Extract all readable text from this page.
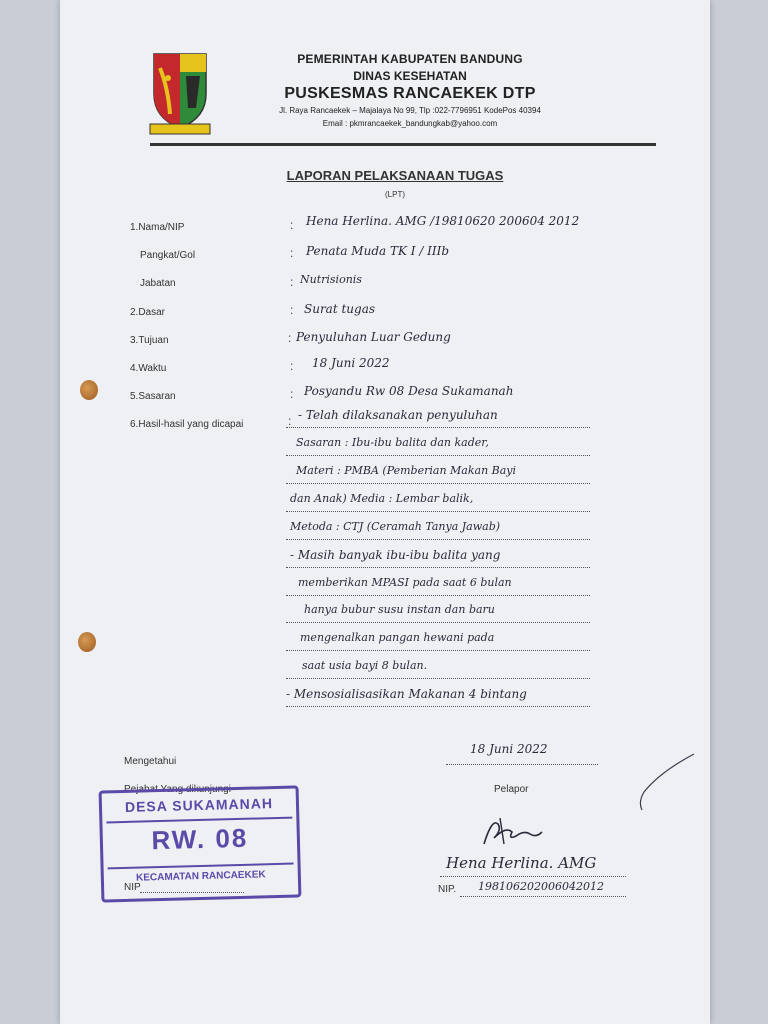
PEMERINTAH KABUPATEN BANDUNG
DINAS KESEHATAN
PUSKESMAS RANCAEKEK DTP
Jl. Raya Rancaekek – Majalaya No 99, Tlp :022-7796951 KodePos 40394
Email : pkmrancaekek_bandungkab@yahoo.com
LAPORAN PELAKSANAAN TUGAS
(LPT)
1.Nama/NIP	: Hena Herlina. AMG /19810620 200604 2012
Pangkat/Gol	: Penata Muda TK I / IIIb
Jabatan	: Nutrisionis
2.Dasar	: Surat tugas
3.Tujuan	: Penyuluhan Luar Gedung
4.Waktu	: 18 Juni 2022
5.Sasaran	: Posyandu Rw 08 Desa Sukamanah
6.Hasil-hasil yang dicapai	: - Telah dilaksanakan penyuluhan
Sasaran : Ibu-ibu balita dan kader,
Materi : PMBA (Pemberian Makan Bayi
dan Anak) Media : Lembar balik,
Metoda : CTJ (Ceramah Tanya Jawab)
- Masih banyak ibu-ibu balita yang
memberikan MPASI pada saat 6 bulan
hanya bubur susu instan dan baru
mengenalkan pangan hewani pada
saat usia bayi 8 bulan.
- Mensosialisasikan Makanan 4 bintang
Mengetahui
Pejabat Yang dikunjungi
NIP
18 Juni 2022
Pelapor
Hena Herlina. AMG
NIP. 198106202006042012
DESA SUKAMANAH
RW. 08
KECAMATAN RANCAEKEK
